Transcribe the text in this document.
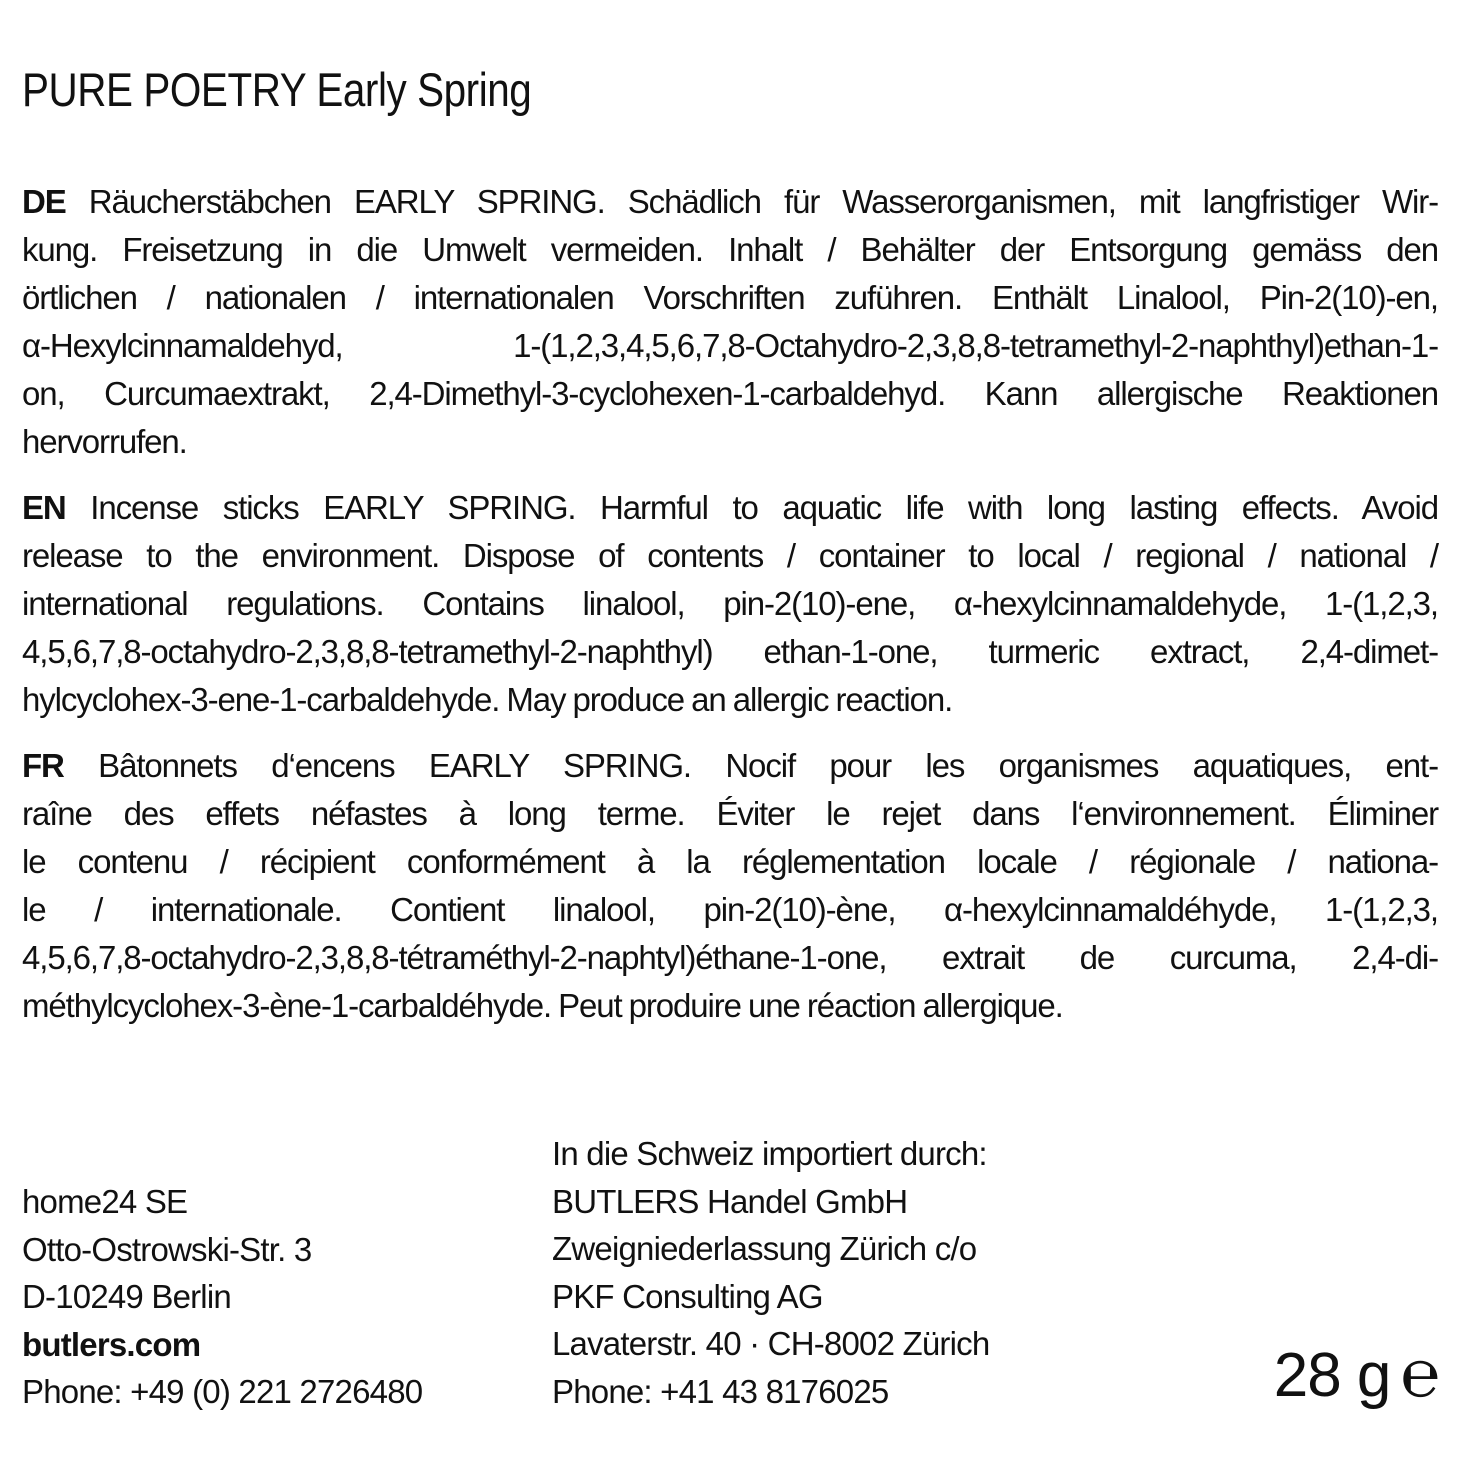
PURE POETRY Early Spring
DE Räucherstäbchen EARLY SPRING. Schädlich für Wasserorganismen, mit langfristiger Wir-
kung. Freisetzung in die Umwelt vermeiden. Inhalt / Behälter der Entsorgung gemäss den
örtlichen / nationalen / internationalen Vorschriften zuführen. Enthält Linalool, Pin-2(10)-en,
α-Hexylcinnamaldehyd, 1-(1,2,3,4,5,6,7,8-Octahydro-2,3,8,8-tetramethyl-2-naphthyl)ethan-1-
on, Curcumaextrakt, 2,4-Dimethyl-3-cyclohexen-1-carbaldehyd. Kann allergische Reaktionen
hervorrufen.
EN Incense sticks EARLY SPRING. Harmful to aquatic life with long lasting effects. Avoid
release to the environment. Dispose of contents / container to local / regional / national /
international regulations. Contains linalool, pin-2(10)-ene, α-hexylcinnamaldehyde, 1-(1,2,3,
4,5,6,7,8-octahydro-2,3,8,8-tetramethyl-2-naphthyl) ethan-1-one, turmeric extract, 2,4-dimet-
hylcyclohex-3-ene-1-carbaldehyde. May produce an allergic reaction.
FR Bâtonnets d‘encens EARLY SPRING. Nocif pour les organismes aquatiques, ent-
raîne des effets néfastes à long terme. Éviter le rejet dans l‘environnement. Éliminer
le contenu / récipient conformément à la réglementation locale / régionale / nationa-
le / internationale. Contient linalool, pin-2(10)-ène, α-hexylcinnamaldéhyde, 1-(1,2,3,
4,5,6,7,8-octahydro-2,3,8,8-tétraméthyl-2-naphtyl)éthane-1-one, extrait de curcuma, 2,4-di-
méthylcyclohex-3-ène-1-carbaldéhyde. Peut produire une réaction allergique.
home24 SE
Otto-Ostrowski-Str. 3
D-10249 Berlin
butlers.com
Phone: +49 (0) 221 2726480
In die Schweiz importiert durch:
BUTLERS Handel GmbH
Zweigniederlassung Zürich c/o
PKF Consulting AG
Lavaterstr. 40 · CH-8002 Zürich
Phone: +41 43 8176025	28 g ℮
